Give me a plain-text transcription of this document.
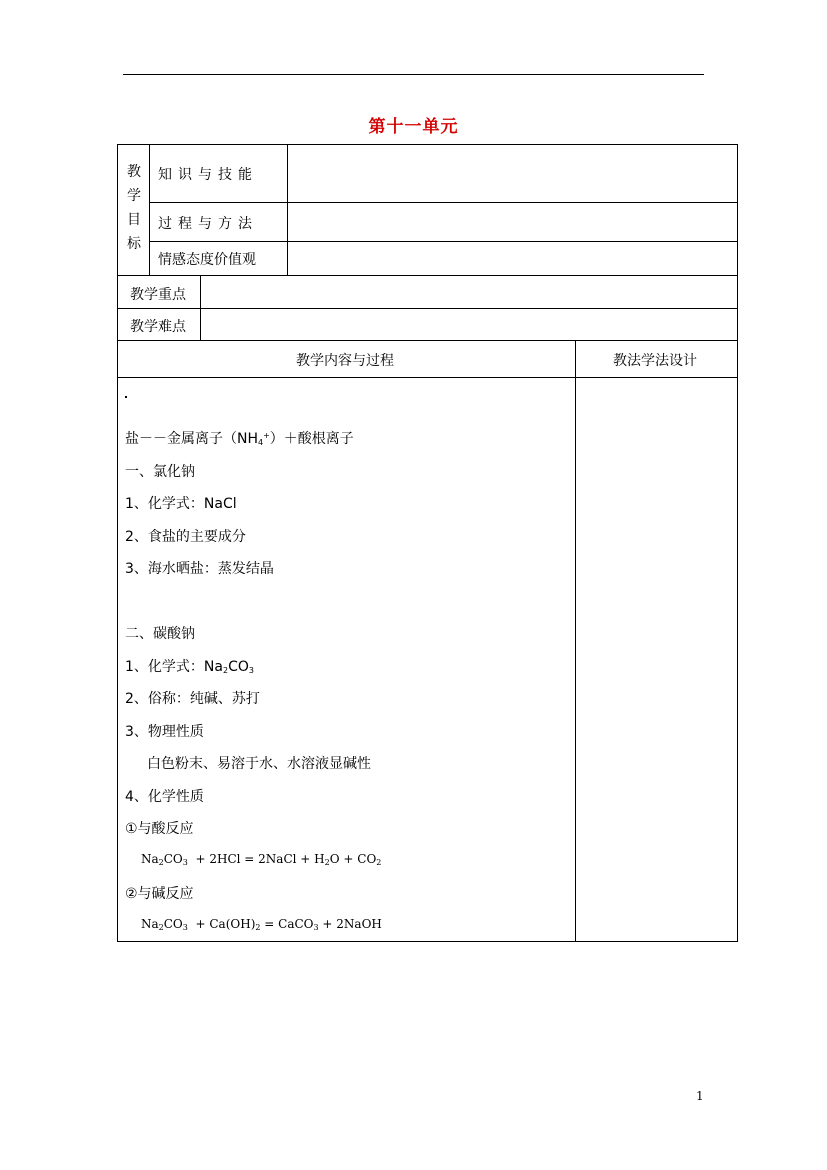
第十一单元
教
学
目
标
知识与技能
过程与方法
情感态度价值观
教学重点
教学难点
教学内容与过程	教法学法设计
盐－－金属离子$(NH_4^+)+$酸根离子
一、氯化钠
1、化学式：NaCl
2、食盐的主要成分
3、海水晒盐：蒸发结晶
二、碳酸钠
1、化学式：$Na_2CO_3$
2、俗称：纯碱、苏打
3、物理性质
白色粉末、易溶于水、水溶液显碱性
4、化学性质
①与酸反应
$Na_2CO_3 + 2HCl$ = 2NaCl + $H_2O + CO_2$
②与碱反应
$Na_2CO_3 + Ca(OH)_2$ = CaCO$_3$ + 2NaOH
1
